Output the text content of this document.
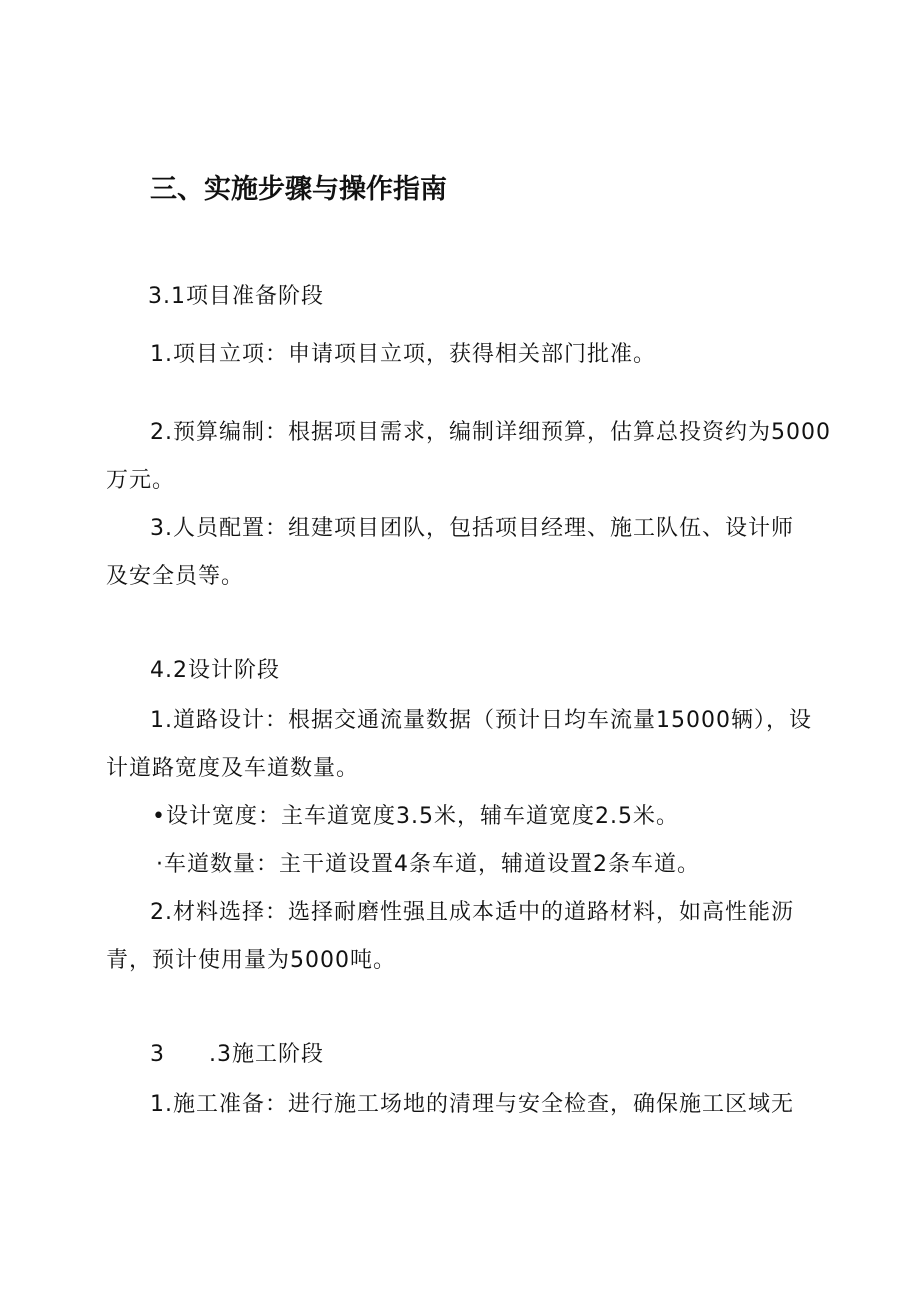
三、实施步骤与操作指南
3.1项目准备阶段
1.项目立项：申请项目立项，获得相关部门批准。
2.预算编制：根据项目需求，编制详细预算，估算总投资约为5000
万元。
3.人员配置：组建项目团队，包括项目经理、施工队伍、设计师
及安全员等。
4.2设计阶段
1.道路设计：根据交通流量数据（预计日均车流量15000辆），设
计道路宽度及车道数量。
•设计宽度：主车道宽度3.5米，辅车道宽度2.5米。
·车道数量：主干道设置4条车道，辅道设置2条车道。
2.材料选择：选择耐磨性强且成本适中的道路材料，如高性能沥
青，预计使用量为5000吨。
3 .3施工阶段
1.施工准备：进行施工场地的清理与安全检查，确保施工区域无
